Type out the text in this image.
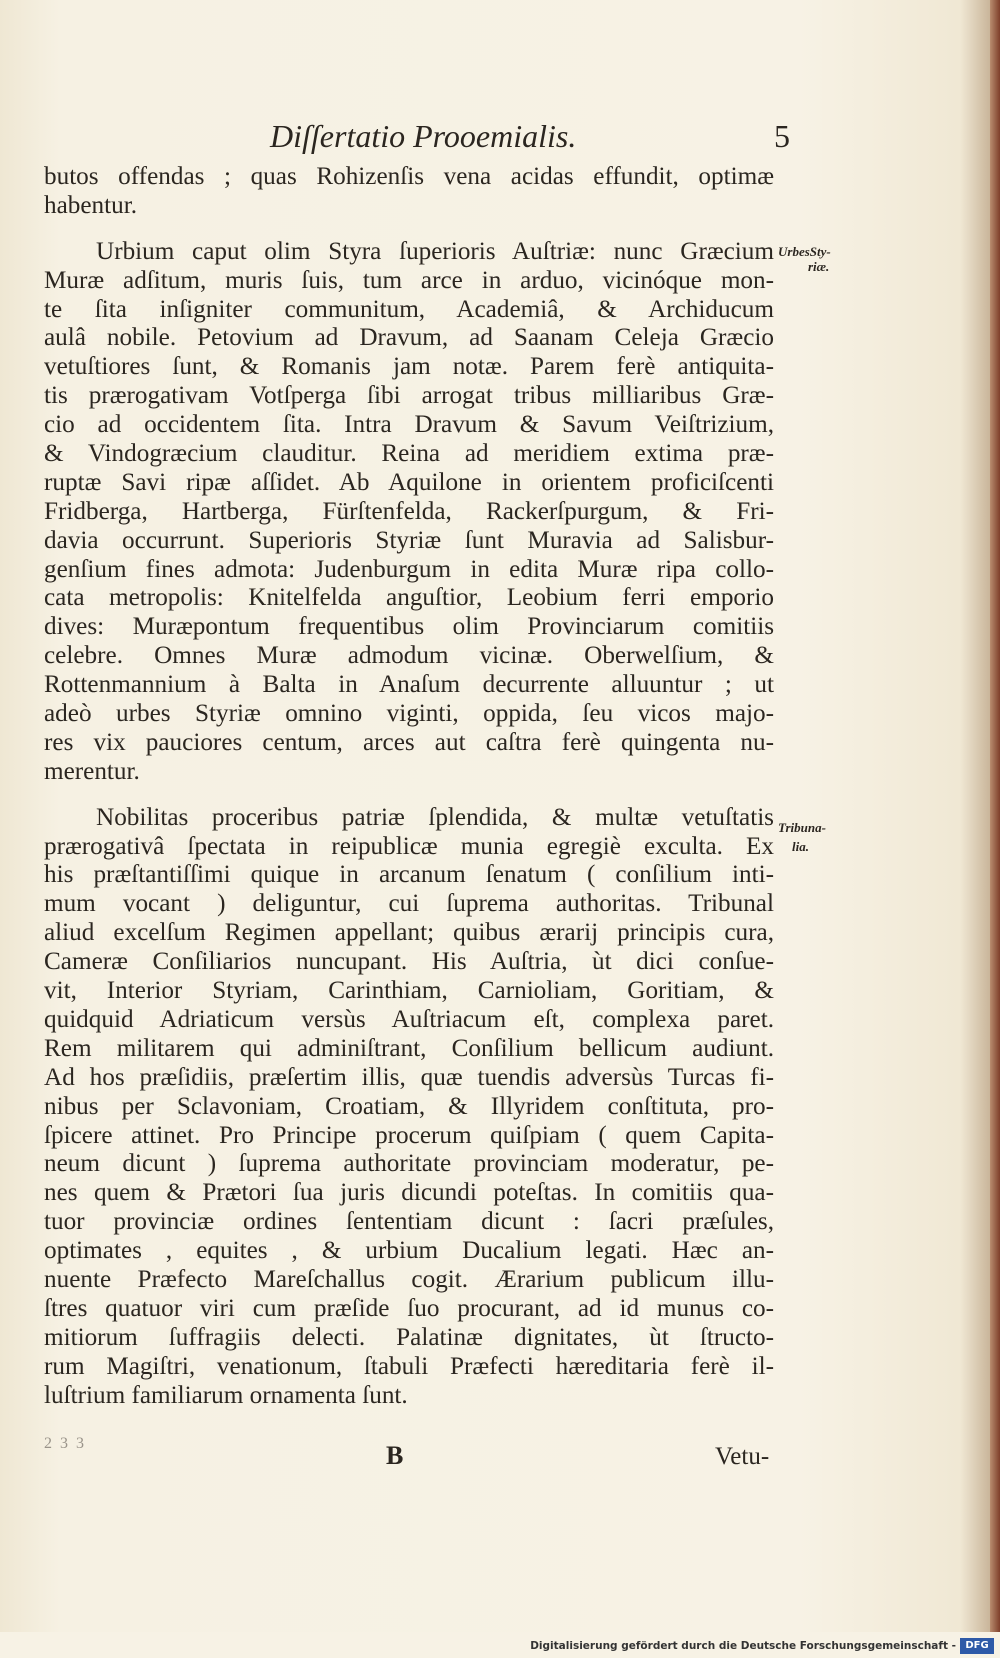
Diſſertatio Prooemialis.	5
butos offendas ; quas Rohizenſis vena acidas effundit, optimæ
habentur.
Urbium caput olim Styra ſuperioris Auſtriæ: nunc Græcium
Muræ adſitum, muris ſuis, tum arce in arduo, vicinóque mon-
te ſita inſigniter communitum, Academiâ, & Archiducum
aulâ nobile. Petovium ad Dravum, ad Saanam Celeja Græcio
vetuſtiores ſunt, & Romanis jam notæ. Parem ferè antiquita-
tis prærogativam Votſperga ſibi arrogat tribus milliaribus Græ-
cio ad occidentem ſita. Intra Dravum & Savum Veiſtrizium,
& Vindogræcium clauditur. Reina ad meridiem extima præ-
ruptæ Savi ripæ aſſidet. Ab Aquilone in orientem proficiſcenti
Fridberga, Hartberga, Fürſtenfelda, Rackerſpurgum, & Fri-
davia occurrunt. Superioris Styriæ ſunt Muravia ad Salisbur-
genſium fines admota: Judenburgum in edita Muræ ripa collo-
cata metropolis: Knitelfelda anguſtior, Leobium ferri emporio
dives: Muræpontum frequentibus olim Provinciarum comitiis
celebre. Omnes Muræ admodum vicinæ. Oberwelſium, &
Rottenmannium à Balta in Anaſum decurrente alluuntur ; ut
adeò urbes Styriæ omnino viginti, oppida, ſeu vicos majo-
res vix pauciores centum, arces aut caſtra ferè quingenta nu-
merentur.
Nobilitas proceribus patriæ ſplendida, & multæ vetuſtatis
prærogativâ ſpectata in reipublicæ munia egregiè exculta. Ex
his præſtantiſſimi quique in arcanum ſenatum ( conſilium inti-
mum vocant ) deliguntur, cui ſuprema authoritas. Tribunal
aliud excelſum Regimen appellant; quibus ærarij principis cura,
Cameræ Conſiliarios nuncupant. His Auſtria, ùt dici conſue-
vit, Interior Styriam, Carinthiam, Carnioliam, Goritiam, &
quidquid Adriaticum versùs Auſtriacum eſt, complexa paret.
Rem militarem qui adminiſtrant, Conſilium bellicum audiunt.
Ad hos præſidiis, præſertim illis, quæ tuendis adversùs Turcas fi-
nibus per Sclavoniam, Croatiam, & Illyridem conſtituta, pro-
ſpicere attinet. Pro Principe procerum quiſpiam ( quem Capita-
neum dicunt ) ſuprema authoritate provinciam moderatur, pe-
nes quem & Prætori ſua juris dicundi poteſtas. In comitiis qua-
tuor provinciæ ordines ſententiam dicunt : ſacri præſules,
optimates , equites , & urbium Ducalium legati. Hæc an-
nuente Præfecto Mareſchallus cogit. Ærarium publicum illu-
ſtres quatuor viri cum præſide ſuo procurant, ad id munus co-
mitiorum ſuffragiis delecti. Palatinæ dignitates, ùt ſtructo-
rum Magiſtri, venationum, ſtabuli Præfecti hæreditaria ferè il-
luſtrium familiarum ornamenta ſunt.
UrbesSty-
riæ.
Tribuna-
lia.
2 3 3	B	Vetu-
Digitalisierung gefördert durch die Deutsche Forschungsgemeinschaft - DFG
